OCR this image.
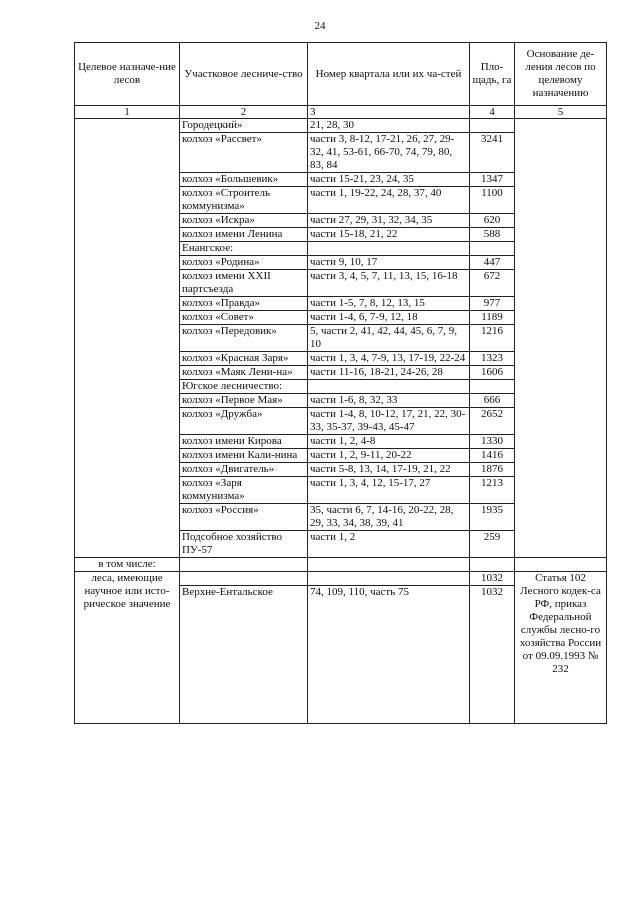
24
Целевое назначе-ние лесов	Участковое лесниче-ство	Номер квартала или их ча-стей	Пло-щадь, га	Основание де-ления лесов по целевому назначению
1	2	3	4	5
	Городецкий»	21, 28, 30		
	колхоз «Рассвет»	части 3, 8-12, 17-21, 26, 27, 29-32, 41, 53-61, 66-70, 74, 79, 80, 83, 84	3241	
	колхоз «Большевик»	части 15-21, 23, 24, 35	1347	
	колхоз «Строитель коммунизма»	части 1, 19-22, 24, 28, 37, 40	1100	
	колхоз «Искра»	части 27, 29, 31, 32, 34, 35	620	
	колхоз имени Ленина	части 15-18, 21, 22	588	
	Енангское:			
	колхоз «Родина»	части 9, 10, 17	447	
	колхоз имени XXII партсъезда	части 3, 4, 5, 7, 11, 13, 15, 16-18	672	
	колхоз «Правда»	части 1-5, 7, 8, 12, 13, 15	977	
	колхоз «Совет»	части 1-4, 6, 7-9, 12, 18	1189	
	колхоз «Передовик»	5, части 2, 41, 42, 44, 45, 6, 7, 9, 10	1216	
	колхоз «Красная Заря»	части 1, 3, 4, 7-9, 13, 17-19, 22-24	1323	
	колхоз «Маяк Лени-на»	части 11-16, 18-21, 24-26, 28	1606	
	Югское лесничество:			
	колхоз «Первое Мая»	части 1-6, 8, 32, 33	666	
	колхоз «Дружба»	части 1-4, 8, 10-12, 17, 21, 22, 30-33, 35-37, 39-43, 45-47	2652	
	колхоз имени Кирова	части 1, 2, 4-8	1330	
	колхоз имени Кали-нина	части 1, 2, 9-11, 20-22	1416	
	колхоз «Двигатель»	части 5-8, 13, 14, 17-19, 21, 22	1876	
	колхоз «Заря коммунизма»	части 1, 3, 4, 12, 15-17, 27	1213	
	колхоз «Россия»	35, части 6, 7, 14-16, 20-22, 28, 29, 33, 34, 38, 39, 41	1935	
	Подсобное хозяйство ПУ-57	части 1, 2	259	
в том числе:				
леса, имеющие научное или исто-рическое значение			1032	Статья 102 Лесного кодек-са РФ, приказ Федеральной службы лесно-го хозяйства России от 09.09.1993 № 232
	Верхне-Ентальское	74, 109, 110, часть 75	1032	
